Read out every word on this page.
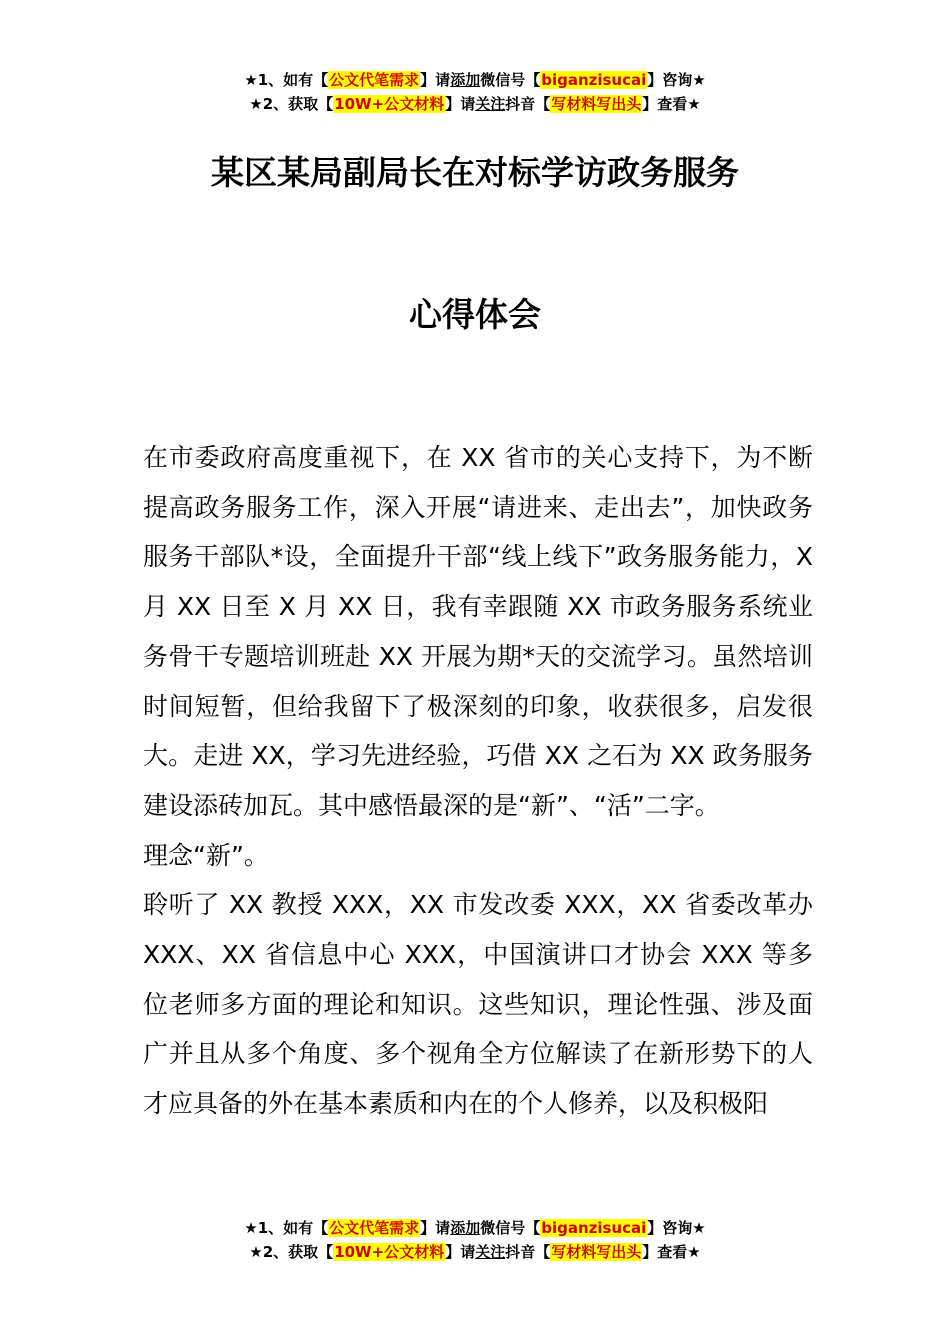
★1、如有【公文代笔需求】请添加微信号【biganzisucai】咨询★
★2、获取【10W+公文材料】请关注抖音【写材料写出头】查看★
某区某局副局长在对标学访政务服务
心得体会

在市委政府高度重视下，在 XX 省市的关心支持下，为不断提高政务服务工作，深入开展“请进来、走出去”，加快政务服务干部队*设，全面提升干部“线上线下”政务服务能力，X 月 XX 日至 X 月 XX 日，我有幸跟随 XX 市政务服务系统业务骨干专题培训班赴 XX 开展为期*天的交流学习。虽然培训时间短暂，但给我留下了极深刻的印象，收获很多，启发很大。走进 XX，学习先进经验，巧借 XX 之石为 XX 政务服务建设添砖加瓦。其中感悟最深的是“新”、“活”二字。

理念“新”。

聆听了 XX 教授 XXX，XX 市发改委 XXX，XX 省委改革办 XXX、XX 省信息中心 XXX，中国演讲口才协会 XXX 等多位老师多方面的理论和知识。这些知识，理论性强、涉及面广并且从多个角度、多个视角全方位解读了在新形势下的人才应具备的外在基本素质和内在的个人修养，以及积极阳

★1、如有【公文代笔需求】请添加微信号【biganzisucai】咨询★
★2、获取【10W+公文材料】请关注抖音【写材料写出头】查看★
